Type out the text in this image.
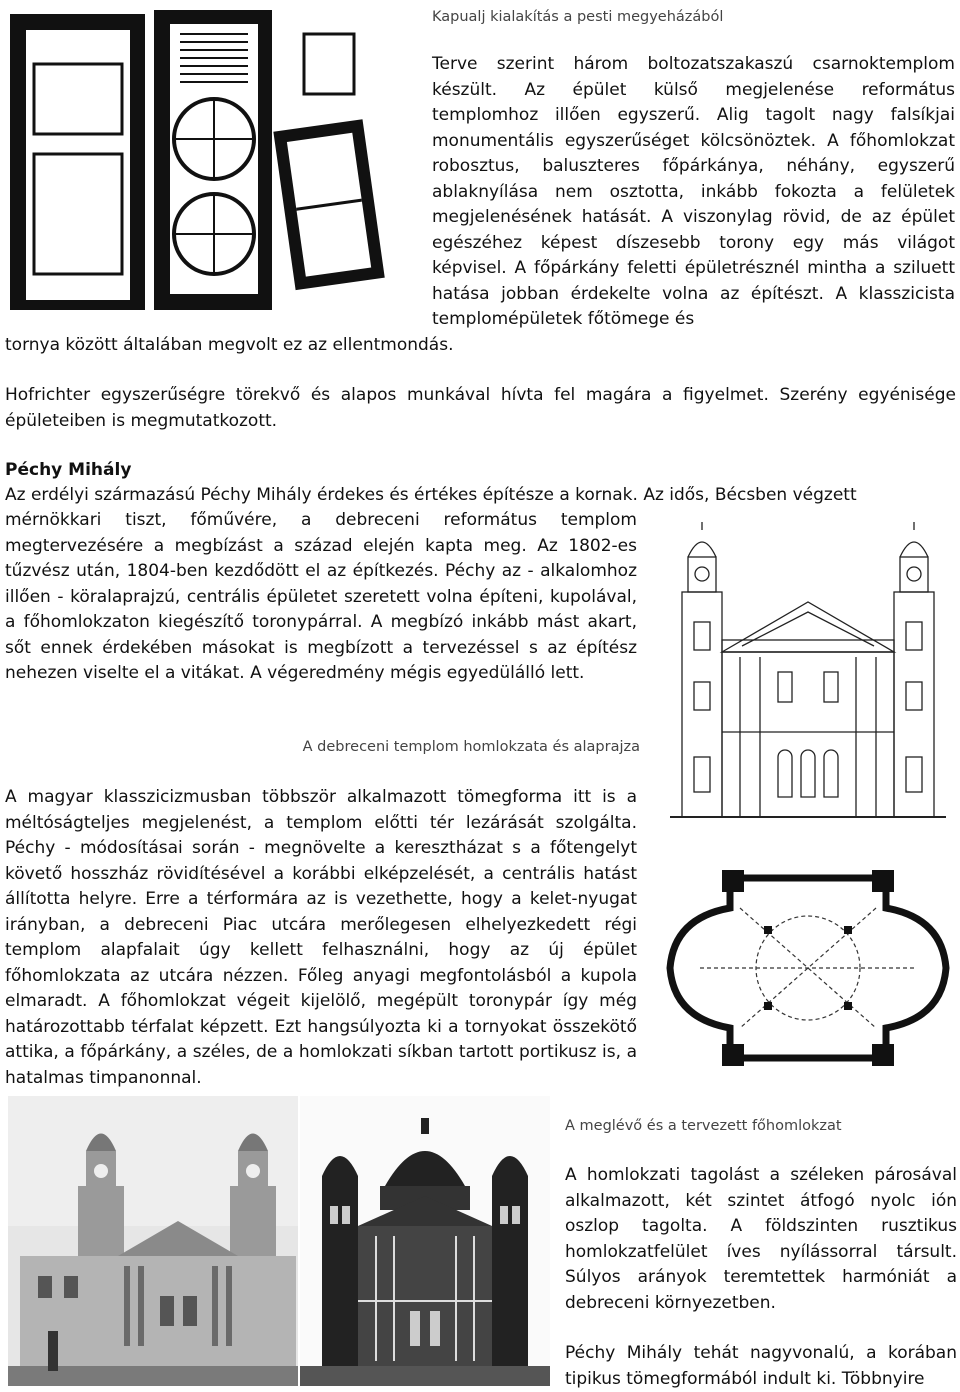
Kapualj kialakítás a pesti megyeházából

Terve szerint három boltozatszakaszú csarnoktemplom készült. Az épület külső megjelenése református templomhoz illően egyszerű. Alig tagolt nagy falsíkjai monumentális egyszerűséget kölcsönöztek. A főhomlokzat robosztus, baluszteres főpárkánya, néhány, egyszerű ablaknyílása nem osztotta, inkább fokozta a felületek megjelenésének hatását. A viszonylag rövid, de az épület egészéhez képest díszesebb torony egy más világot képvisel. A főpárkány feletti épületrésznél mintha a sziluett hatása jobban érdekelte volna az építészt. A klasszicista templomépületek főtömege és

tornya között általában megvolt ez az ellentmondás.

Hofrichter egyszerűségre törekvő és alapos munkával hívta fel magára a figyelmet. Szerény egyénisége épületeiben is megmutatkozott.

Péchy Mihály
Az erdélyi származású Péchy Mihály érdekes és értékes építésze a kornak. Az idős, Bécsben végzett

mérnökkari tiszt, főművére, a debreceni református templom megtervezésére a megbízást a század elején kapta meg. Az 1802-es tűzvész után, 1804-ben kezdődött el az építkezés. Péchy az - alkalomhoz illően - köralaprajzú, centrális épületet szeretett volna építeni, kupolával, a főhomlokzaton kiegészítő toronypárral. A megbízó inkább mást akart, sőt ennek érdekében másokat is megbízott a tervezéssel s az építész nehezen viselte el a vitákat. A végeredmény mégis egyedülálló lett.

A debreceni templom homlokzata és alaprajza

A magyar klasszicizmusban többször alkalmazott tömegforma itt is a méltóságteljes megjelenést, a templom előtti tér lezárását szolgálta. Péchy - módosításai során - megnövelte a keresztházat s a főtengelyt követő hosszház rövidítésével a korábbi elképzelését, a centrális hatást állította helyre. Erre a térformára az is vezethette, hogy a kelet-nyugat irányban, a debreceni Piac utcára merőlegesen elhelyezkedett régi templom alapfalait úgy kellett felhasználni, hogy az új épület főhomlokzata az utcára nézzen. Főleg anyagi megfontolásból a kupola elmaradt. A főhomlokzat végeit kijelölő, megépült toronypár így még határozottabb térfalat képzett. Ezt hangsúlyozta ki a tornyokat összekötő attika, a főpárkány, a széles, de a homlokzati síkban tartott portikusz is, a hatalmas timpanonnal.

A meglévő és a tervezett főhomlokzat

A homlokzati tagolást a széleken párosával alkalmazott, két szintet átfogó nyolc ión oszlop tagolta. A földszinten rusztikus homlokzatfelület íves nyílássorral társult. Súlyos arányok teremtettek harmóniát a debreceni környezetben.

Péchy Mihály tehát nagyvonalú, a korában tipikus tömegformából indult ki. Többnyire
